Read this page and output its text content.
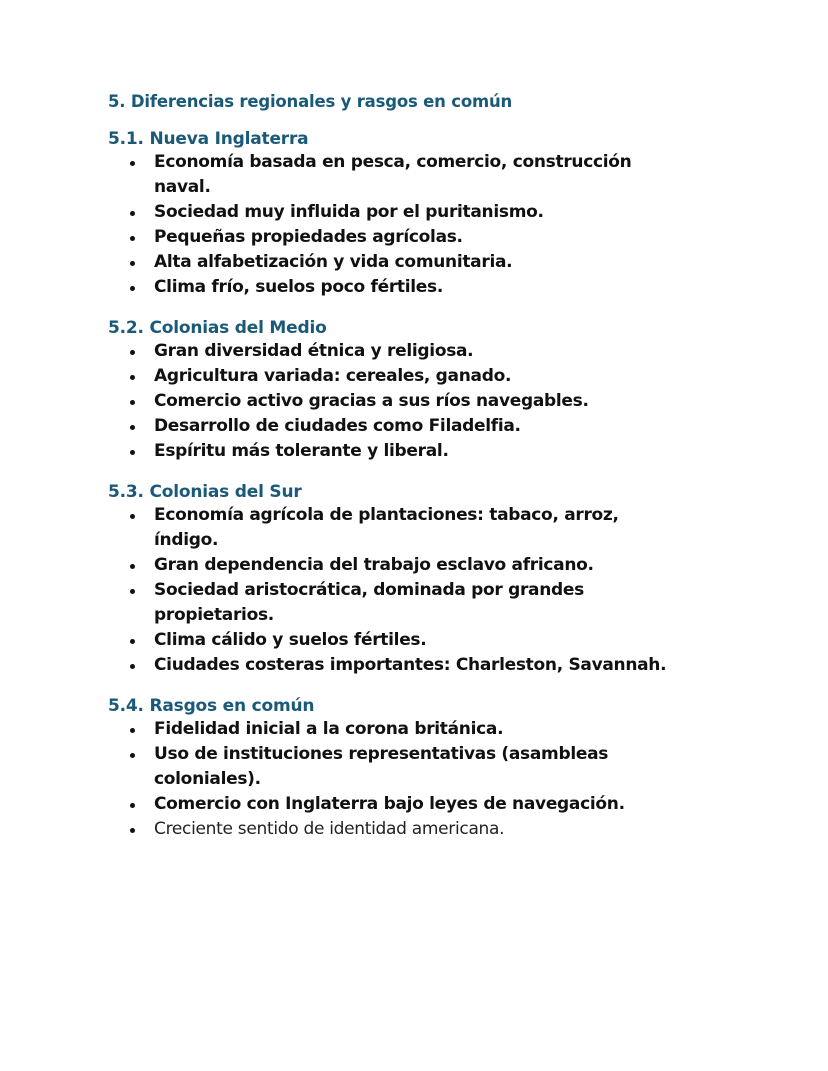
5. Diferencias regionales y rasgos en común
5.1. Nueva Inglaterra
Economía basada en pesca, comercio, construcción naval.
Sociedad muy influida por el puritanismo.
Pequeñas propiedades agrícolas.
Alta alfabetización y vida comunitaria.
Clima frío, suelos poco fértiles.
5.2. Colonias del Medio
Gran diversidad étnica y religiosa.
Agricultura variada: cereales, ganado.
Comercio activo gracias a sus ríos navegables.
Desarrollo de ciudades como Filadelfia.
Espíritu más tolerante y liberal.
5.3. Colonias del Sur
Economía agrícola de plantaciones: tabaco, arroz, índigo.
Gran dependencia del trabajo esclavo africano.
Sociedad aristocrática, dominada por grandes propietarios.
Clima cálido y suelos fértiles.
Ciudades costeras importantes: Charleston, Savannah.
5.4. Rasgos en común
Fidelidad inicial a la corona británica.
Uso de instituciones representativas (asambleas coloniales).
Comercio con Inglaterra bajo leyes de navegación.
Creciente sentido de identidad americana.
